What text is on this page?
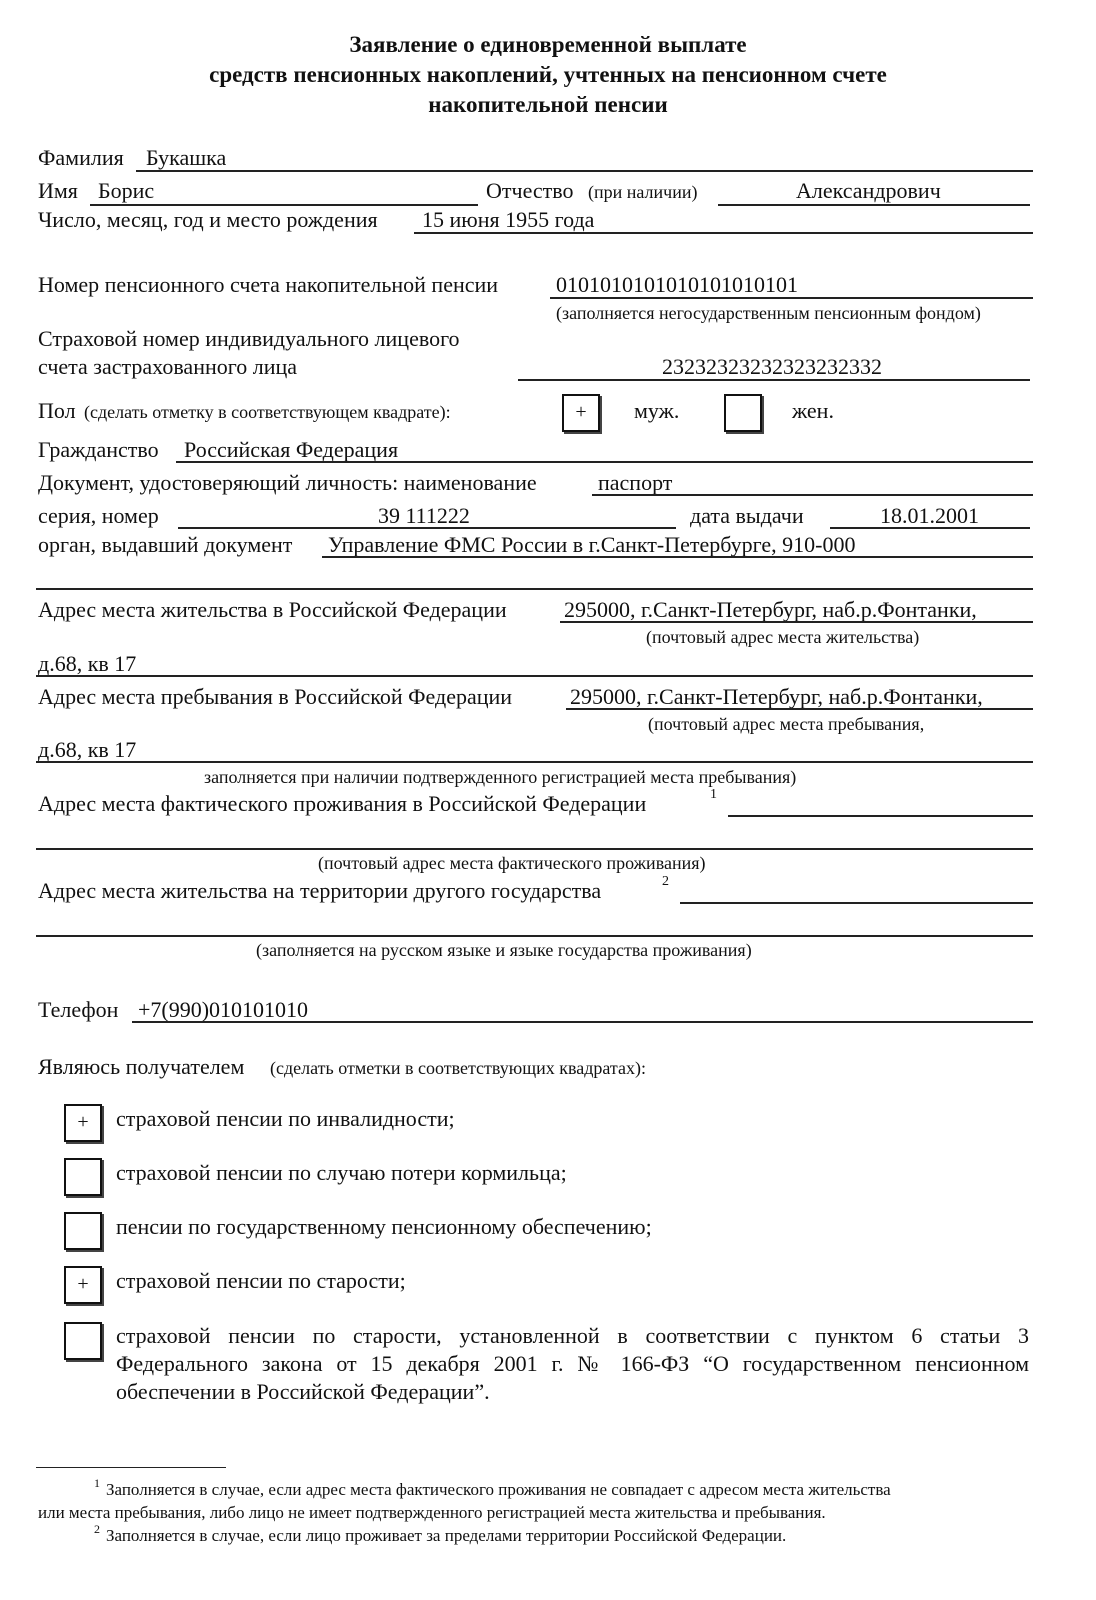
Заявление о единовременной выплате
средств пенсионных накоплений, учтенных на пенсионном счете
накопительной пенсии
Фамилия Букашка
Имя Борис	Отчество (при наличии)	Александрович
Число, месяц, год и место рождения 15 июня 1955 года
Номер пенсионного счета накопительной пенсии	0101010101010101010101
(заполняется негосударственным пенсионным фондом)
Страховой номер индивидуального лицевого
счета застрахованного лица	23232323232323232332
Пол (сделать отметку в соответствующем квадрате):	+	муж.	жен.
Гражданство Российская Федерация
Документ, удостоверяющий личность: наименование	паспорт
серия, номер	39 111222	дата выдачи	18.01.2001
орган, выдавший документ Управление ФМС России в г.Санкт-Петербурге, 910-000
Адрес места жительства в Российской Федерации	295000, г.Санкт-Петербург, наб.р.Фонтанки,
(почтовый адрес места жительства)
д.68, кв 17
Адрес места пребывания в Российской Федерации	295000, г.Санкт-Петербург, наб.р.Фонтанки,
(почтовый адрес места пребывания,
д.68, кв 17
заполняется при наличии подтвержденного регистрацией места пребывания)
Адрес места фактического проживания в Российской Федерации	1
(почтовый адрес места фактического проживания)
Адрес места жительства на территории другого государства	2
(заполняется на русском языке и языке государства проживания)
Телефон +7(990)010101010
Являюсь получателем (сделать отметки в соответствующих квадратах):
+	страховой пенсии по инвалидности;
страховой пенсии по случаю потери кормильца;
пенсии по государственному пенсионному обеспечению;
+	страховой пенсии по старости;
страховой пенсии по старости, установленной в соответствии с пунктом 6 статьи 3 Федерального закона от 15 декабря 2001 г. № 166-ФЗ “О государственном пенсионном обеспечении в Российской Федерации”.
1 Заполняется в случае, если адрес места фактического проживания не совпадает с адресом места жительства
или места пребывания, либо лицо не имеет подтвержденного регистрацией места жительства и пребывания.
2 Заполняется в случае, если лицо проживает за пределами территории Российской Федерации.
